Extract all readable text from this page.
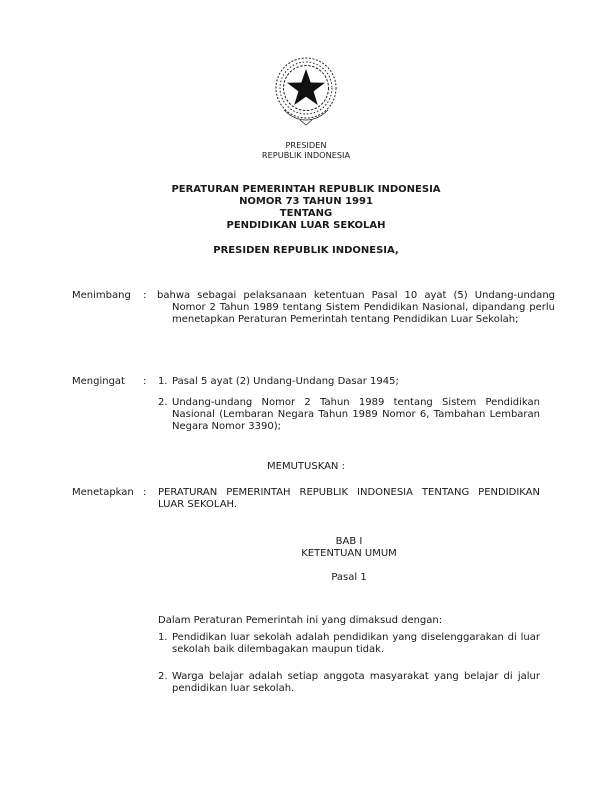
PRESIDEN
REPUBLIK INDONESIA
PERATURAN PEMERINTAH REPUBLIK INDONESIA
NOMOR 73 TAHUN 1991
TENTANG
PENDIDIKAN LUAR SEKOLAH
PRESIDEN REPUBLIK INDONESIA,
Menimbang : bahwa sebagai pelaksanaan ketentuan Pasal 10 ayat (5) Undang-undang Nomor 2 Tahun 1989 tentang Sistem Pendidikan Nasional, dipandang perlu menetapkan Peraturan Pemerintah tentang Pendidikan Luar Sekolah;
Mengingat : 1. Pasal 5 ayat (2) Undang-Undang Dasar 1945;
2. Undang-undang Nomor 2 Tahun 1989 tentang Sistem Pendidikan Nasional (Lembaran Negara Tahun 1989 Nomor 6, Tambahan Lembaran Negara Nomor 3390);
MEMUTUSKAN :
Menetapkan : PERATURAN PEMERINTAH REPUBLIK INDONESIA TENTANG PENDIDIKAN LUAR SEKOLAH.
BAB I
KETENTUAN UMUM
Pasal 1
Dalam Peraturan Pemerintah ini yang dimaksud dengan:
1. Pendidikan luar sekolah adalah pendidikan yang diselenggarakan di luar sekolah baik dilembagakan maupun tidak.
2. Warga belajar adalah setiap anggota masyarakat yang belajar di jalur pendidikan luar sekolah.
